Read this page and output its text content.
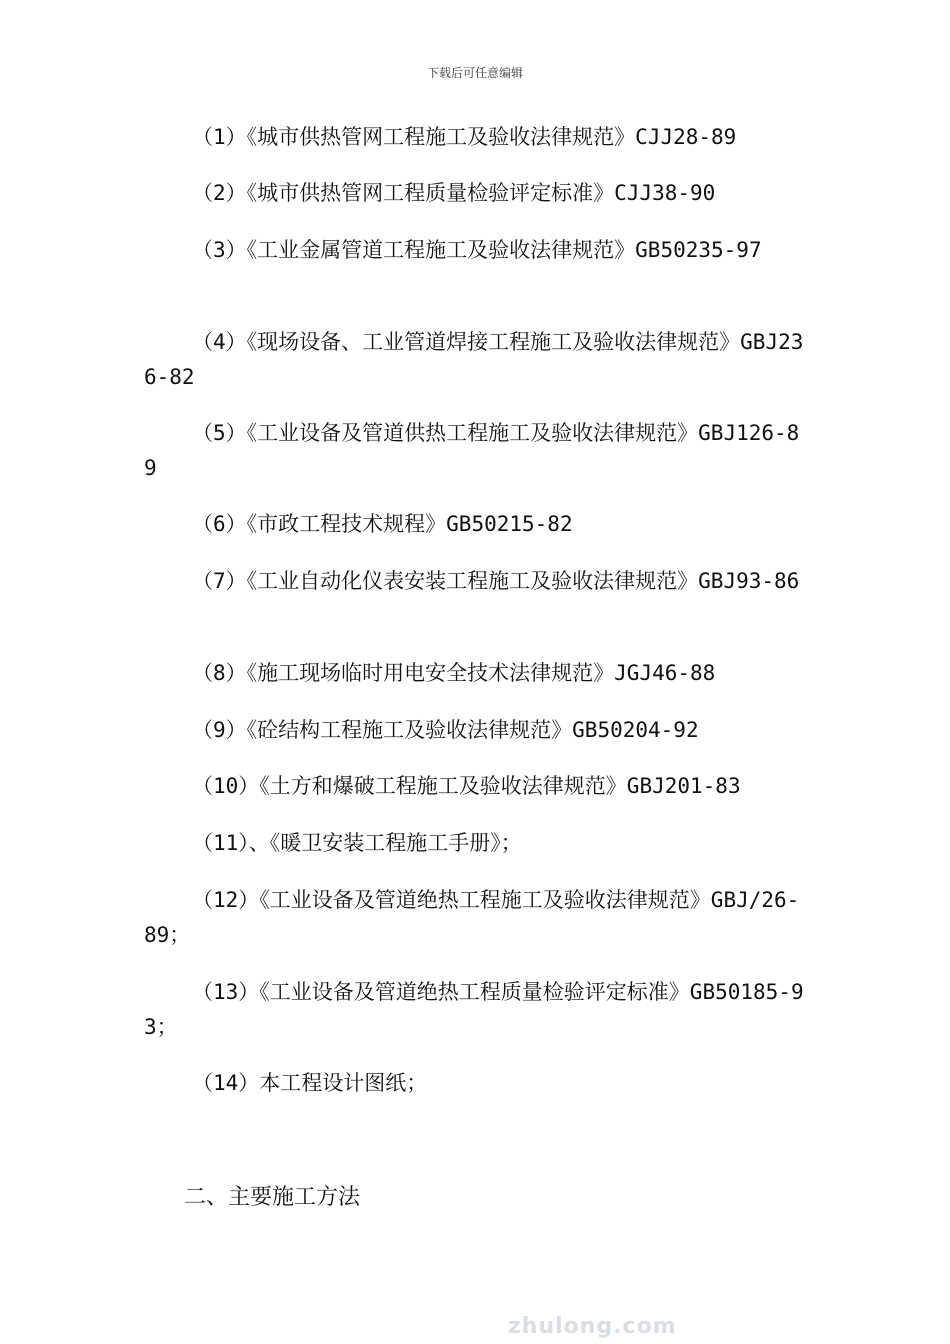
下载后可任意编辑
（1）《城市供热管网工程施工及验收法律规范》CJJ28-89
（2）《城市供热管网工程质量检验评定标准》CJJ38-90
（3）《工业金属管道工程施工及验收法律规范》GB50235-97
（4）《现场设备、工业管道焊接工程施工及验收法律规范》GBJ236-82
（5）《工业设备及管道供热工程施工及验收法律规范》GBJ126-89
（6）《市政工程技术规程》GB50215-82
（7）《工业自动化仪表安装工程施工及验收法律规范》GBJ93-86
（8）《施工现场临时用电安全技术法律规范》JGJ46-88
（9）《砼结构工程施工及验收法律规范》GB50204-92
（10）《土方和爆破工程施工及验收法律规范》GBJ201-83
（11）、《暖卫安装工程施工手册》；
（12）《工业设备及管道绝热工程施工及验收法律规范》GBJ/26-89；
（13）《工业设备及管道绝热工程质量检验评定标准》GB50185-93；
（14）本工程设计图纸；
二、主要施工方法
zhulong.com
